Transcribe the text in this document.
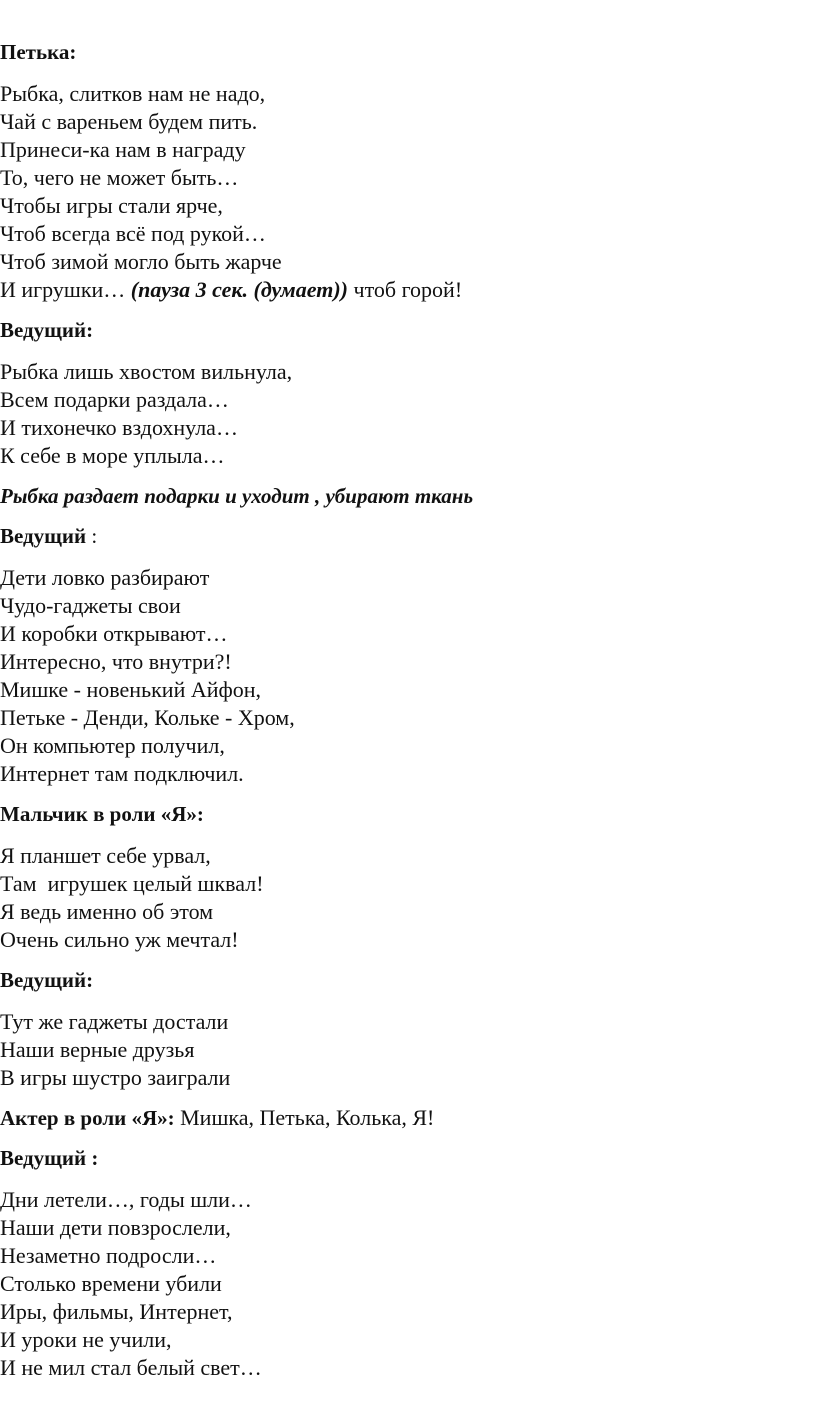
Петька:
Рыбка, слитков нам не надо,
Чай с вареньем будем пить.
Принеси-ка нам в награду
То, чего не может быть…
Чтобы игры стали ярче,
Чтоб всегда всё под рукой…
Чтоб зимой могло быть жарче
И игрушки… (пауза 3 сек. (думает)) чтоб горой!
Ведущий:
Рыбка лишь хвостом вильнула,
Всем подарки раздала…
И тихонечко вздохнула…
К себе в море уплыла…
Рыбка раздает подарки и уходит , убирают ткань
Ведущий :
Дети ловко разбирают
Чудо-гаджеты свои
И коробки открывают…
Интересно, что внутри?!
Мишке - новенький Айфон,
Петьке - Денди, Кольке - Хром,
Он компьютер получил,
Интернет там подключил.
Мальчик в роли «Я»:
Я планшет себе урвал,
Там  игрушек целый шквал!
Я ведь именно об этом
Очень сильно уж мечтал!
Ведущий:
Тут же гаджеты достали
Наши верные друзья
В игры шустро заиграли
Актер в роли «Я»: Мишка, Петька, Колька, Я!
Ведущий :
Дни летели…, годы шли…
Наши дети повзрослели,
Незаметно подросли…
Столько времени убили
Иры, фильмы, Интернет,
И уроки не учили,
И не мил стал белый свет…
